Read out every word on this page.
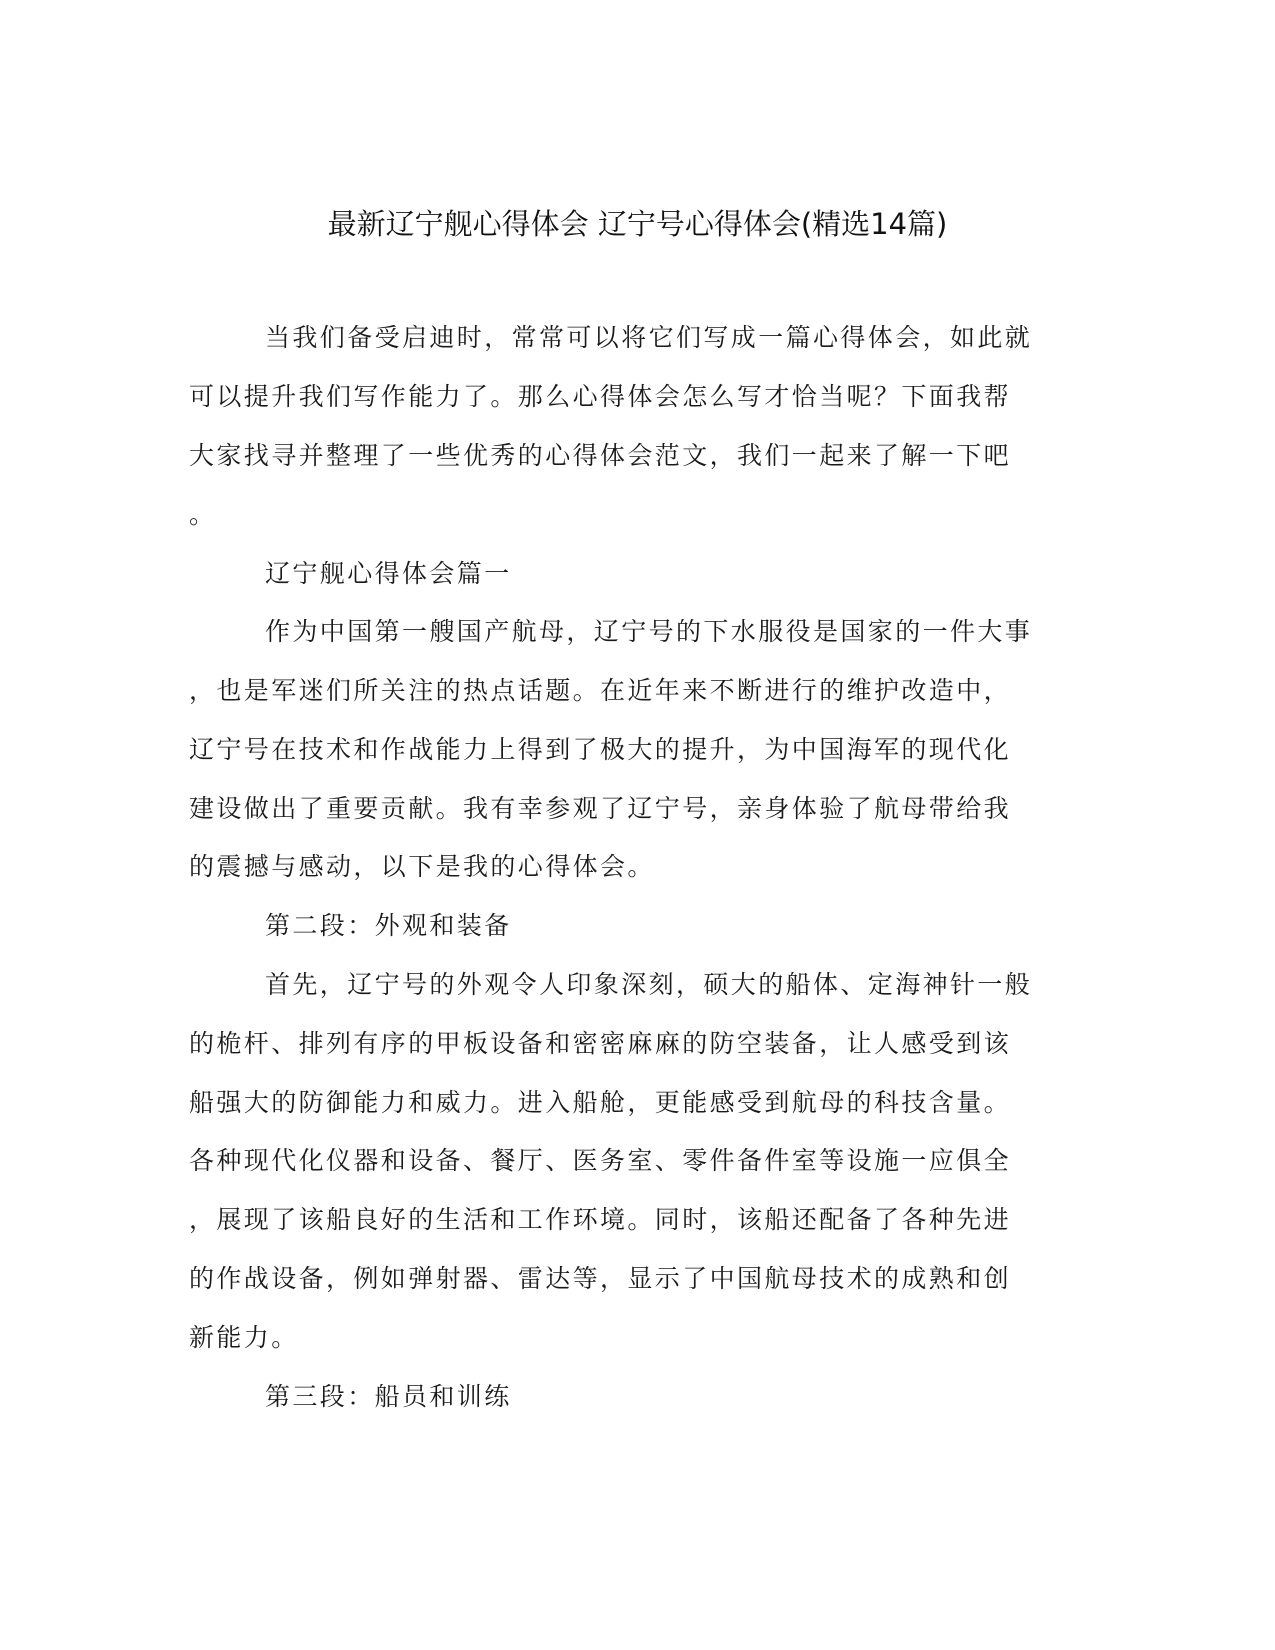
最新辽宁舰心得体会 辽宁号心得体会(精选14篇)
当我们备受启迪时，常常可以将它们写成一篇心得体会，如此就
可以提升我们写作能力了。那么心得体会怎么写才恰当呢？下面我帮
大家找寻并整理了一些优秀的心得体会范文，我们一起来了解一下吧
。
辽宁舰心得体会篇一
作为中国第一艘国产航母，辽宁号的下水服役是国家的一件大事
，也是军迷们所关注的热点话题。在近年来不断进行的维护改造中，
辽宁号在技术和作战能力上得到了极大的提升，为中国海军的现代化
建设做出了重要贡献。我有幸参观了辽宁号，亲身体验了航母带给我
的震撼与感动，以下是我的心得体会。
第二段：外观和装备
首先，辽宁号的外观令人印象深刻，硕大的船体、定海神针一般
的桅杆、排列有序的甲板设备和密密麻麻的防空装备，让人感受到该
船强大的防御能力和威力。进入船舱，更能感受到航母的科技含量。
各种现代化仪器和设备、餐厅、医务室、零件备件室等设施一应俱全
，展现了该船良好的生活和工作环境。同时，该船还配备了各种先进
的作战设备，例如弹射器、雷达等，显示了中国航母技术的成熟和创
新能力。
第三段：船员和训练
